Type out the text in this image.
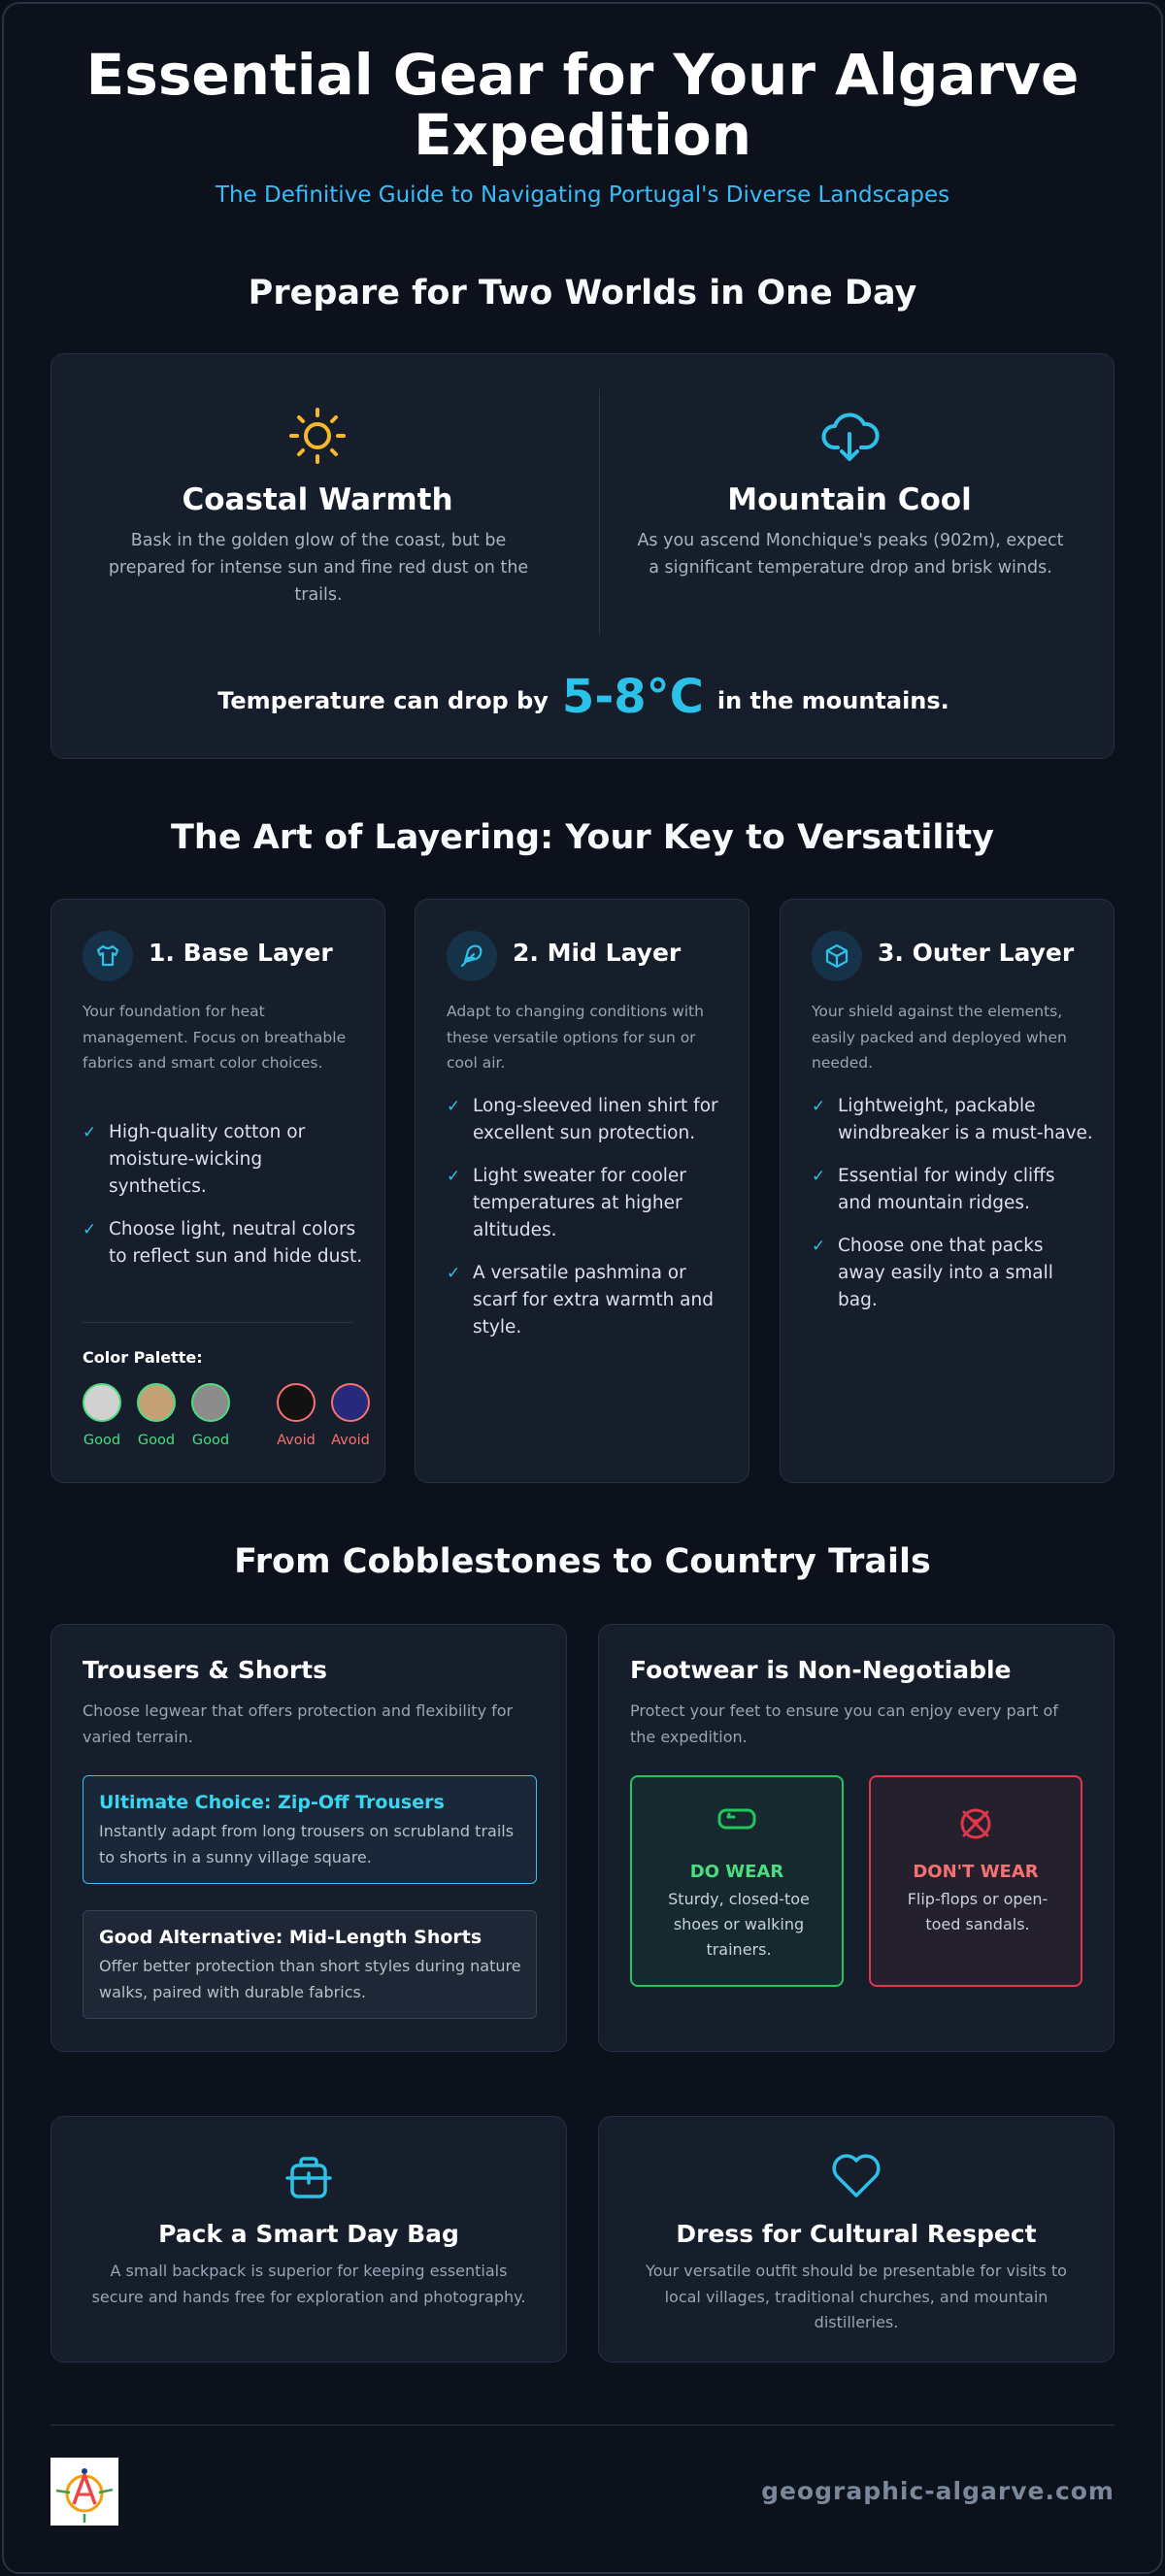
Essential Gear for Your Algarve Expedition
The Definitive Guide to Navigating Portugal's Diverse Landscapes
Prepare for Two Worlds in One Day
Coastal Warmth

Bask in the golden glow of the coast, but be prepared for intense sun and fine red dust on the trails.

Mountain Cool

As you ascend Monchique's peaks (902m), expect a significant temperature drop and brisk winds.

Temperature can drop by 5-8°C in the mountains.
The Art of Layering: Your Key to Versatility
1. Base Layer
Your foundation for heat management. Focus on breathable fabrics and smart color choices.
✓ High-quality cotton or moisture-wicking synthetics.
✓ Choose light, neutral colors to reflect sun and hide dust.
Color Palette:
Good	Good	Good	Avoid	Avoid
2. Mid Layer
Adapt to changing conditions with these versatile options for sun or cool air.
✓ Long-sleeved linen shirt for excellent sun protection.
✓ Light sweater for cooler temperatures at higher altitudes.
✓ A versatile pashmina or scarf for extra warmth and style.
3. Outer Layer
Your shield against the elements, easily packed and deployed when needed.
✓ Lightweight, packable windbreaker is a must-have.
✓ Essential for windy cliffs and mountain ridges.
✓ Choose one that packs away easily into a small bag.
From Cobblestones to Country Trails
Trousers & Shorts
Choose legwear that offers protection and flexibility for varied terrain.
Ultimate Choice: Zip-Off Trousers
Instantly adapt from long trousers on scrubland trails to shorts in a sunny village square.
Good Alternative: Mid-Length Shorts
Offer better protection than short styles during nature walks, paired with durable fabrics.
Footwear is Non-Negotiable
Protect your feet to ensure you can enjoy every part of the expedition.
DO WEAR
Sturdy, closed-toe shoes or walking trainers.
DON'T WEAR
Flip-flops or open-toed sandals.
Pack a Smart Day Bag

A small backpack is superior for keeping essentials secure and hands free for exploration and photography.

Dress for Cultural Respect

Your versatile outfit should be presentable for visits to local villages, traditional churches, and mountain distilleries.

geographic-algarve.com
